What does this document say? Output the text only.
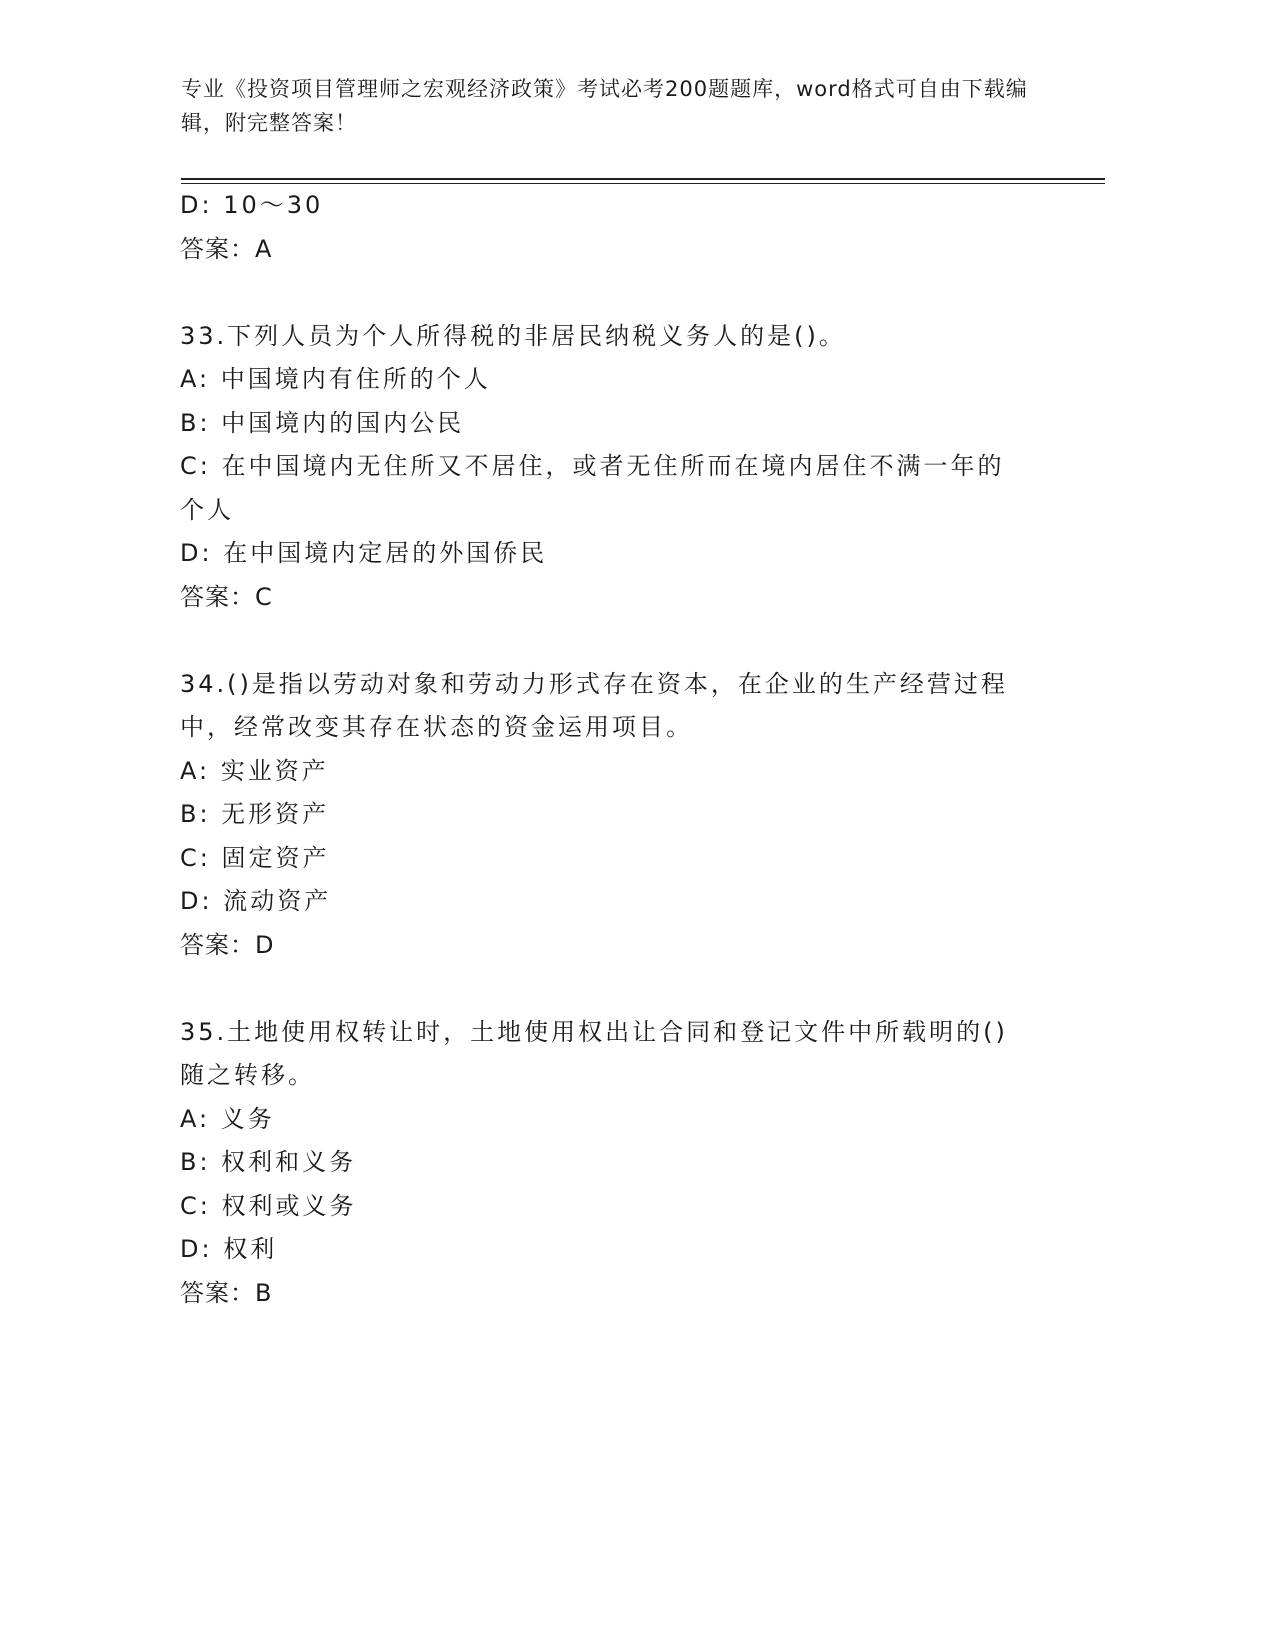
专业《投资项目管理师之宏观经济政策》考试必考200题题库，word格式可自由下载编辑，附完整答案！
D: 10～30
答案：A
33.下列人员为个人所得税的非居民纳税义务人的是()。
A: 中国境内有住所的个人
B: 中国境内的国内公民
C: 在中国境内无住所又不居住，或者无住所而在境内居住不满一年的个人
D: 在中国境内定居的外国侨民
答案：C
34.()是指以劳动对象和劳动力形式存在资本，在企业的生产经营过程中，经常改变其存在状态的资金运用项目。
A: 实业资产
B: 无形资产
C: 固定资产
D: 流动资产
答案：D
35.土地使用权转让时，土地使用权出让合同和登记文件中所载明的()随之转移。
A: 义务
B: 权利和义务
C: 权利或义务
D: 权利
答案：B
